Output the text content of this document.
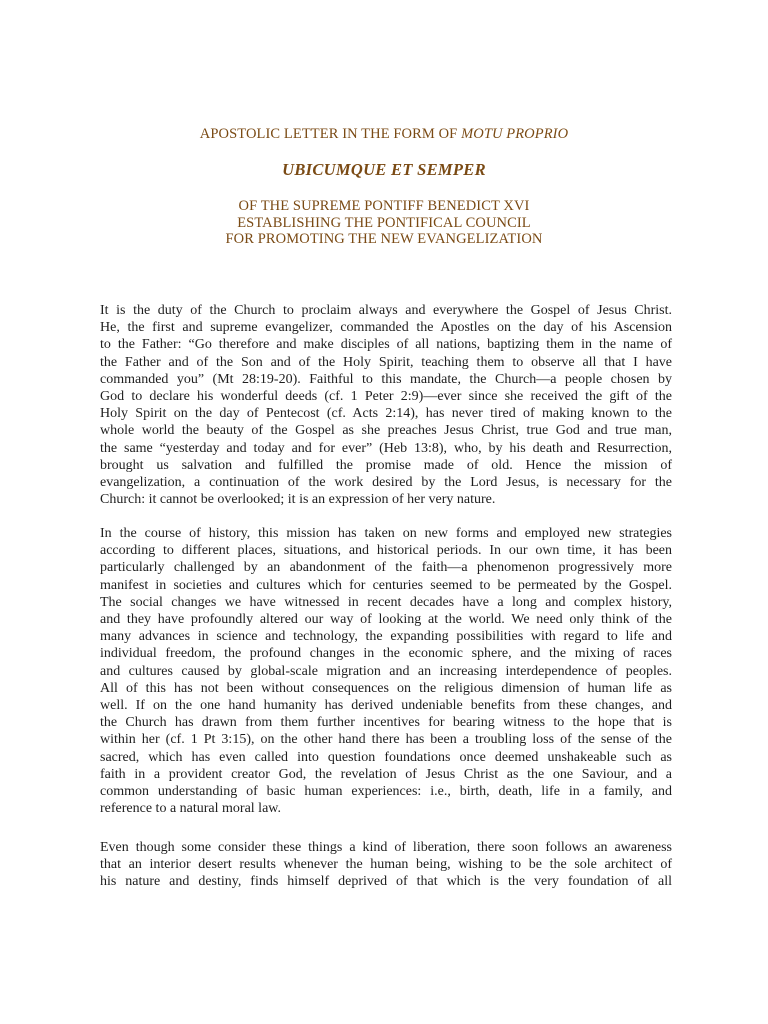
APOSTOLIC LETTER IN THE FORM OF MOTU PROPRIO
UBICUMQUE ET SEMPER
OF THE SUPREME PONTIFF BENEDICT XVI
ESTABLISHING THE PONTIFICAL COUNCIL
FOR PROMOTING THE NEW EVANGELIZATION
It is the duty of the Church to proclaim always and everywhere the Gospel of Jesus Christ.
He, the first and supreme evangelizer, commanded the Apostles on the day of his Ascension
to the Father: “Go therefore and make disciples of all nations, baptizing them in the name of
the Father and of the Son and of the Holy Spirit, teaching them to observe all that I have
commanded you” (Mt 28:19-20). Faithful to this mandate, the Church—a people chosen by
God to declare his wonderful deeds (cf. 1 Peter 2:9)—ever since she received the gift of the
Holy Spirit on the day of Pentecost (cf. Acts 2:14), has never tired of making known to the
whole world the beauty of the Gospel as she preaches Jesus Christ, true God and true man,
the same “yesterday and today and for ever” (Heb 13:8), who, by his death and Resurrection,
brought us salvation and fulfilled the promise made of old. Hence the mission of
evangelization, a continuation of the work desired by the Lord Jesus, is necessary for the
Church: it cannot be overlooked; it is an expression of her very nature.
In the course of history, this mission has taken on new forms and employed new strategies
according to different places, situations, and historical periods. In our own time, it has been
particularly challenged by an abandonment of the faith—a phenomenon progressively more
manifest in societies and cultures which for centuries seemed to be permeated by the Gospel.
The social changes we have witnessed in recent decades have a long and complex history,
and they have profoundly altered our way of looking at the world. We need only think of the
many advances in science and technology, the expanding possibilities with regard to life and
individual freedom, the profound changes in the economic sphere, and the mixing of races
and cultures caused by global-scale migration and an increasing interdependence of peoples.
All of this has not been without consequences on the religious dimension of human life as
well. If on the one hand humanity has derived undeniable benefits from these changes, and
the Church has drawn from them further incentives for bearing witness to the hope that is
within her (cf. 1 Pt 3:15), on the other hand there has been a troubling loss of the sense of the
sacred, which has even called into question foundations once deemed unshakeable such as
faith in a provident creator God, the revelation of Jesus Christ as the one Saviour, and a
common understanding of basic human experiences: i.e., birth, death, life in a family, and
reference to a natural moral law.
Even though some consider these things a kind of liberation, there soon follows an awareness
that an interior desert results whenever the human being, wishing to be the sole architect of
his nature and destiny, finds himself deprived of that which is the very foundation of all
